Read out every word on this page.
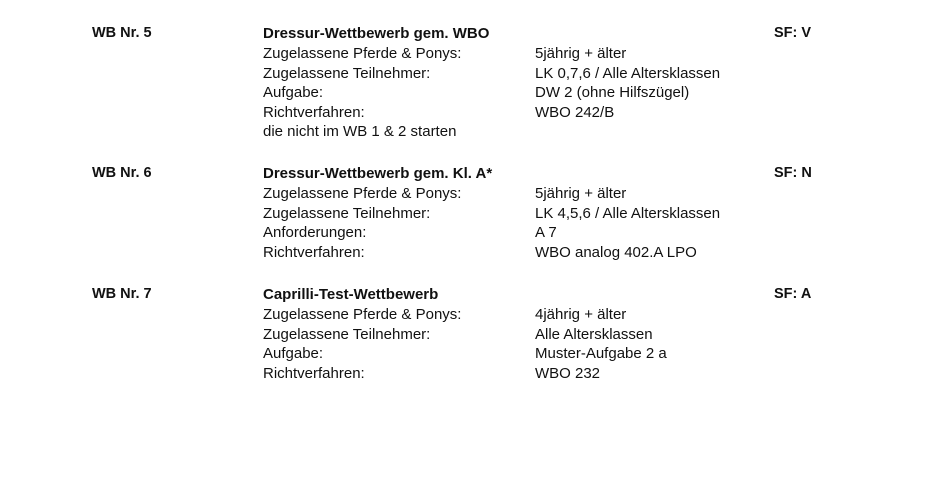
WB Nr. 5	Dressur-Wettbewerb gem. WBO	SF: V
Zugelassene Pferde & Ponys:	5jährig + älter
Zugelassene Teilnehmer:	LK 0,7,6 / Alle Altersklassen
Aufgabe:	DW 2 (ohne Hilfszügel)
Richtverfahren:	WBO 242/B
die nicht im WB 1 & 2 starten
WB Nr. 6	Dressur-Wettbewerb gem. Kl. A*	SF: N
Zugelassene Pferde & Ponys:	5jährig + älter
Zugelassene Teilnehmer:	LK 4,5,6 / Alle Altersklassen
Anforderungen:	A 7
Richtverfahren:	WBO analog 402.A LPO
WB Nr. 7	Caprilli-Test-Wettbewerb	SF: A
Zugelassene Pferde & Ponys:	4jährig + älter
Zugelassene Teilnehmer:	Alle Altersklassen
Aufgabe:	Muster-Aufgabe 2 a
Richtverfahren:	WBO 232
